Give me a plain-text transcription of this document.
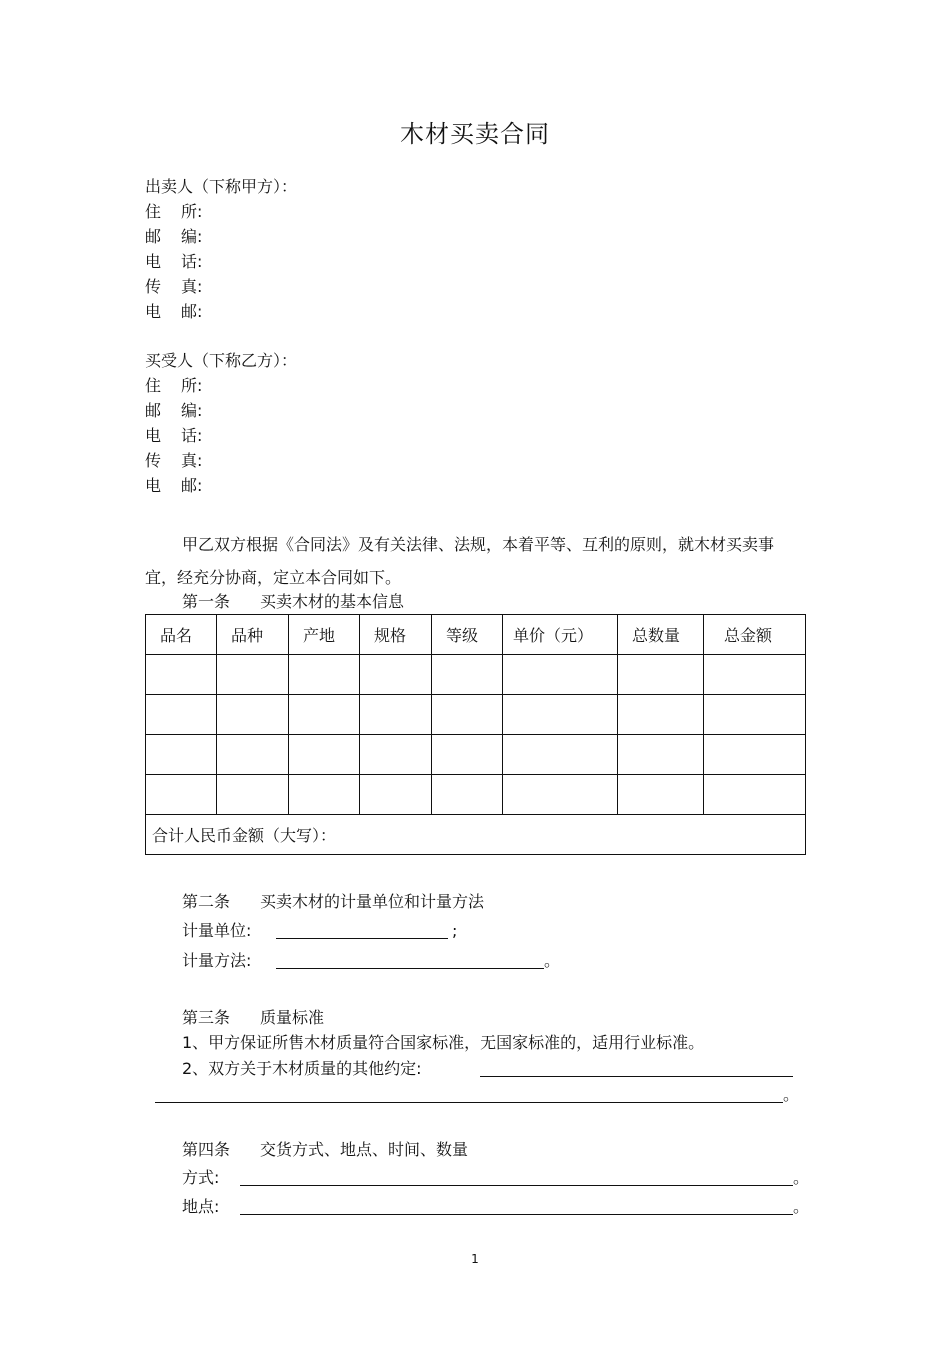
木材买卖合同
出卖人（下称甲方）：
住 所:
邮 编:
电 话:
传 真:
电 邮:
买受人（下称乙方）：
住 所:
邮 编:
电 话:
传 真:
电 邮:
甲乙双方根据《合同法》及有关法律、法规，本着平等、互利的原则，就木材买卖事宜，经充分协商，定立本合同如下。
第一条 买卖木材的基本信息
品名	品种	产地	规格	等级	单价（元）	总数量	总金额

合计人民币金额（大写）：							
第二条 买卖木材的计量单位和计量方法
计量单位:	;
计量方法:	。
第三条 质量标准
1、甲方保证所售木材质量符合国家标准，无国家标准的，适用行业标准。
2、双方关于木材质量的其他约定:
。
第四条 交货方式、地点、时间、数量
方式:	。
地点:	。
1
